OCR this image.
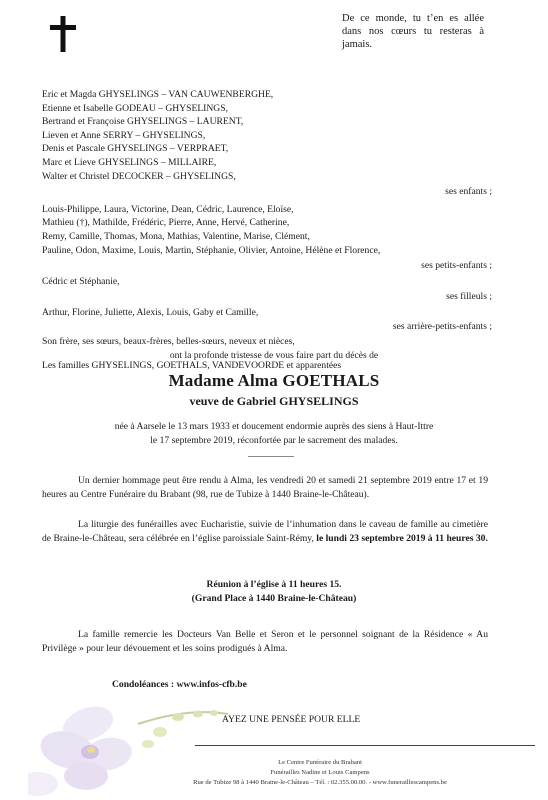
De ce monde, tu t’en es allée dans nos cœurs tu resteras à jamais.
Eric et Magda GHYSELINGS – VAN CAUWENBERGHE,
Etienne et Isabelle GODEAU – GHYSELINGS,
Bertrand et Françoise GHYSELINGS – LAURENT,
Lieven et Anne SERRY – GHYSELINGS,
Denis et Pascale GHYSELINGS – VERPRAET,
Marc et Lieve GHYSELINGS – MILLAIRE,
Walter et Christel DECOCKER – GHYSELINGS,
ses enfants ;
Louis-Philippe, Laura, Victorine, Dean, Cédric, Laurence, Eloïse,
Mathieu (†), Mathilde, Frédéric, Pierre, Anne, Hervé, Catherine,
Remy, Camille, Thomas, Mona, Mathias, Valentine, Marise, Clément,
Pauline, Odon, Maxime, Louis, Martin, Stéphanie, Olivier, Antoine, Hélène et Florence,
ses petits-enfants ;
Cédric et Stéphanie,
ses filleuls ;
Arthur, Florine, Juliette, Alexis, Louis, Gaby et Camille,
ses arrière-petits-enfants ;
Son frère, ses sœurs, beaux-frères, belles-sœurs, neveux et nièces,
Les familles GHYSELINGS, GOETHALS, VANDEVOORDE et apparentées
ont la profonde tristesse de vous faire part du décès de
Madame Alma GOETHALS
veuve de Gabriel GHYSELINGS
née à Aarsele le 13 mars 1933 et doucement endormie auprès des siens à Haut-Ittre
le 17 septembre 2019, réconfortée par le sacrement des malades.
Un dernier hommage peut être rendu à Alma, les vendredi 20 et samedi 21 septembre 2019 entre 17 et 19 heures au Centre Funéraire du Brabant (98, rue de Tubize à 1440 Braine-le-Château).
La liturgie des funérailles avec Eucharistie, suivie de l’inhumation dans le caveau de famille au cimetière de Braine-le-Château, sera célébrée en l’église paroissiale Saint-Rémy, le lundi 23 septembre 2019 à 11 heures 30.
Réunion à l’église à 11 heures 15.
(Grand Place à 1440 Braine-le-Château)
La famille remercie les Docteurs Van Belle et Seron et le personnel soignant de la Résidence « Au Privilège » pour leur dévouement et les soins prodigués à Alma.
Condoléances : www.infos-cfb.be
AYEZ UNE PENSÉE POUR ELLE
Le Centre Funéraire du Brabant
Funérailles Nadine et Louis Campens
Rue de Tubize 98 à 1440 Braine-le-Château – Tél. : 02.355.00.00. - www.funeraillescampens.be
